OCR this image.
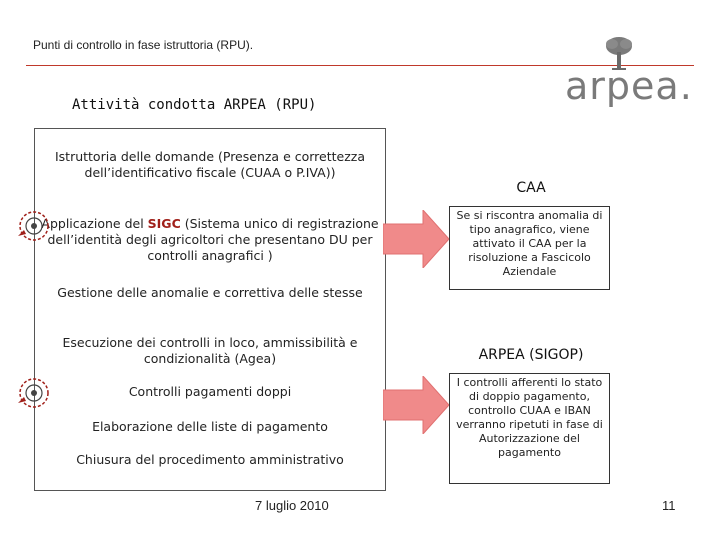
Punti di controllo in fase istruttoria (RPU).
arpea.
Attività condotta ARPEA (RPU)
Istruttoria delle domande (Presenza e correttezza dell’identificativo fiscale (CUAA o P.IVA))
Applicazione del SIGC (Sistema unico di registrazione dell’identità degli agricoltori che presentano DU per controlli anagrafici )
Gestione delle anomalie e correttiva delle stesse
Esecuzione dei controlli in loco, ammissibilità e condizionalità (Agea)
Controlli pagamenti doppi
Elaborazione delle liste di pagamento
Chiusura del procedimento amministrativo
CAA
Se si riscontra anomalia di tipo anagrafico, viene attivato il CAA per la risoluzione a Fascicolo Aziendale
ARPEA (SIGOP)
I controlli afferenti lo stato di doppio pagamento, controllo CUAA e IBAN verranno ripetuti in fase di Autorizzazione del pagamento
7 luglio 2010	11
